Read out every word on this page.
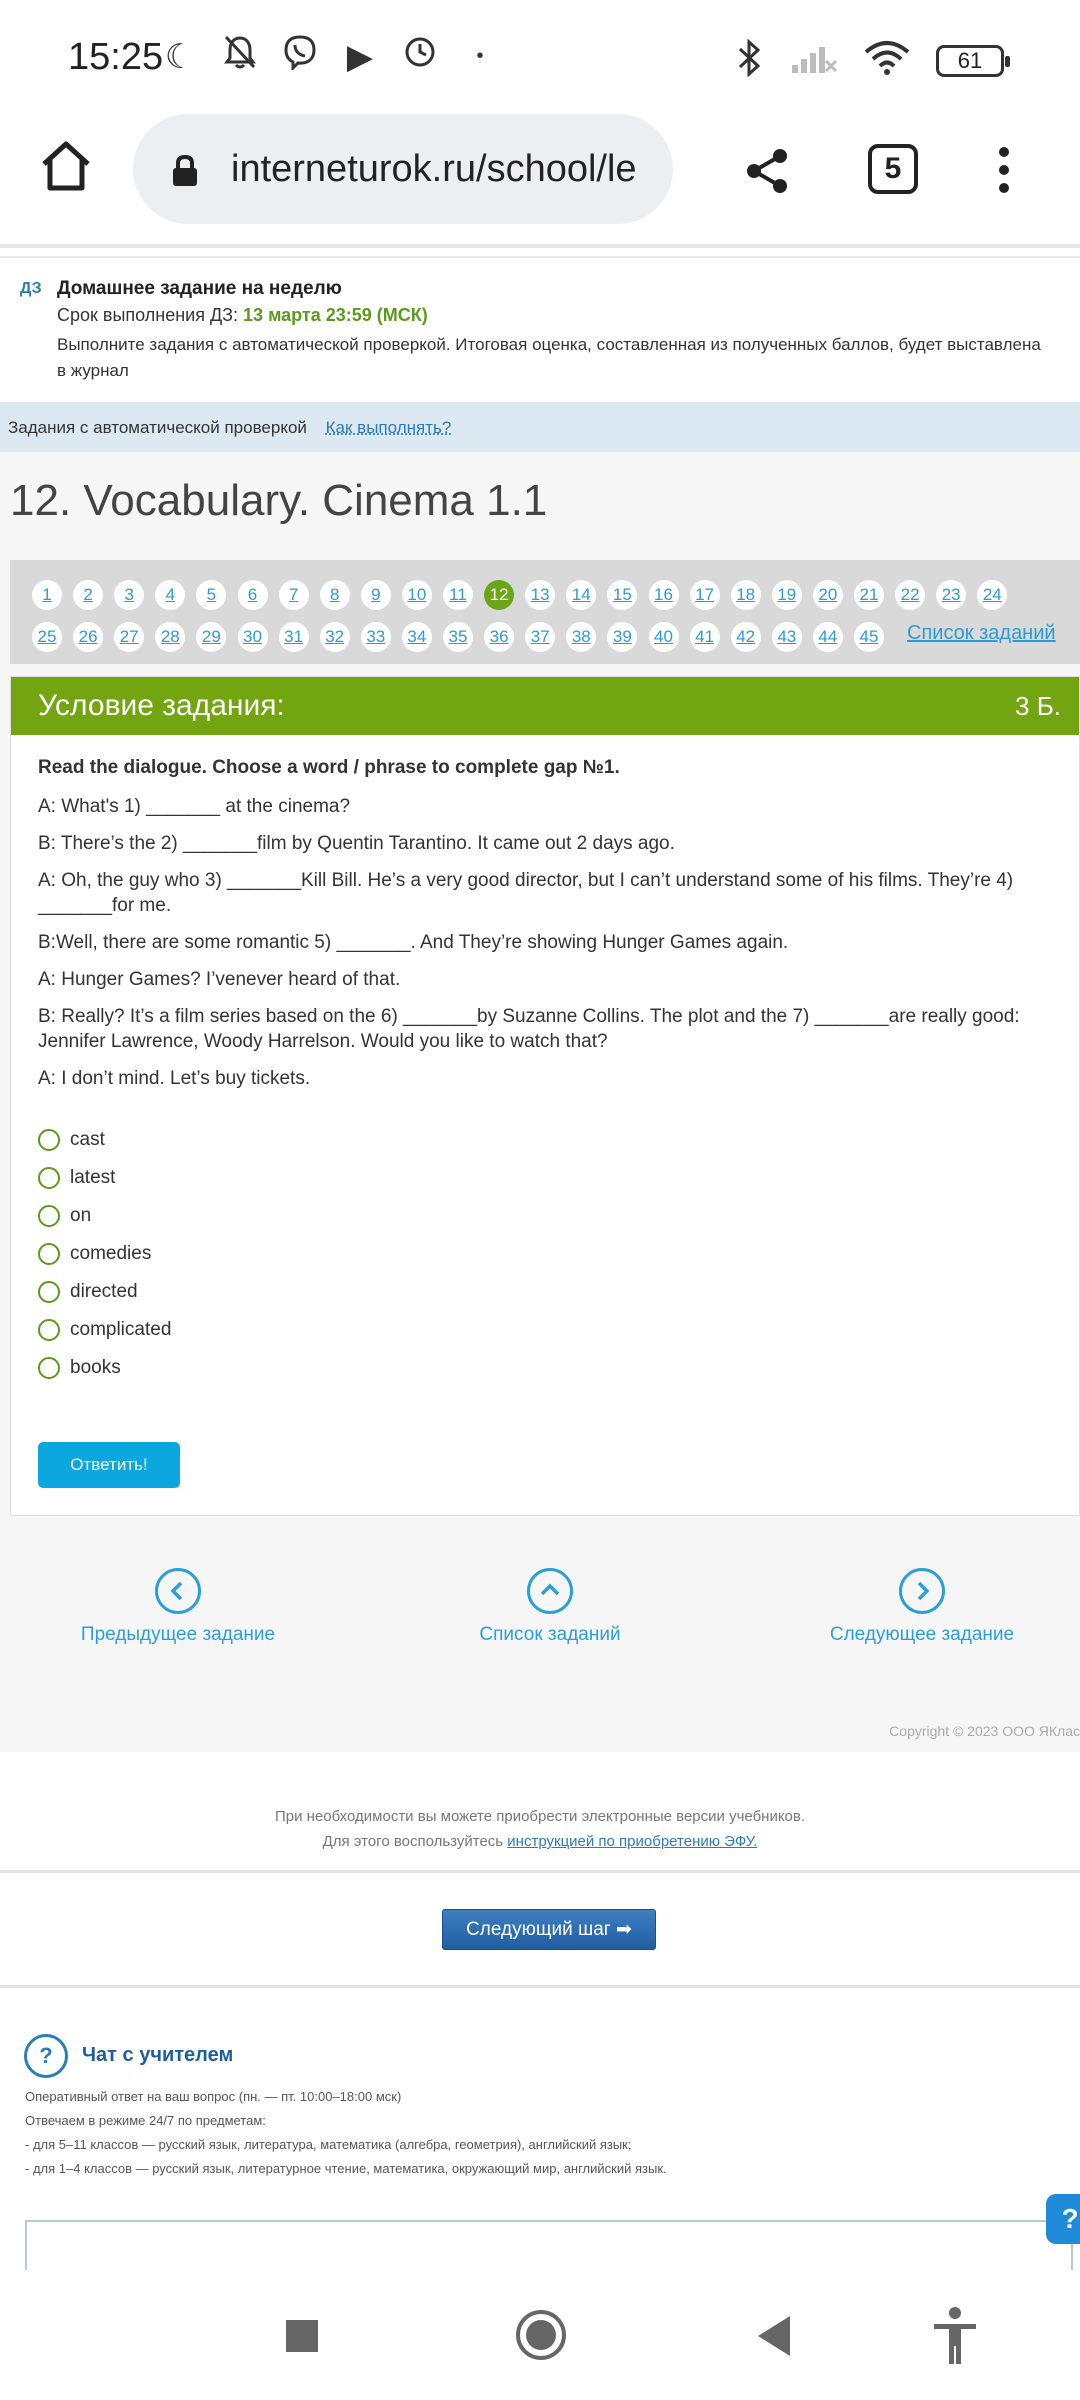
15:25 ☾	▶	•	61
interneturok.ru/school/le	5
ДЗ Домашнее задание на неделю
Срок выполнения ДЗ: 13 марта 23:59 (МСК)
Выполните задания с автоматической проверкой. Итоговая оценка, составленная из полученных баллов, будет выставлена в журнал
Задания с автоматической проверкой Как выполнять?
12. Vocabulary. Cinema 1.1
1	2	3	4	5	6	7	8	9	10	11	12	13	14	15	16	17	18	19	20	21	22	23	24
25	26	27	28	29	30	31	32	33	34	35	36	37	38	39	40	41	42	43	44	45 Список заданий
Условие задания:	3 Б.

Read the dialogue. Choose a word / phrase to complete gap №1.

A: What's 1) _______ at the cinema?

B: There’s the 2) _______film by Quentin Tarantino. It came out 2 days ago.

A: Oh, the guy who 3) _______Kill Bill. He’s a very good director, but I can’t understand some of his films. They’re 4) _______for me.

B:Well, there are some romantic 5) _______. And They’re showing Hunger Games again.

A: Hunger Games? I’venever heard of that.

B: Really? It’s a film series based on the 6) _______by Suzanne Collins. The plot and the 7) _______are really good: Jennifer Lawrence, Woody Harrelson. Would you like to watch that?

A: I don’t mind. Let’s buy tickets.

cast
latest
on
comedies
directed
complicated
books
Ответить!
Предыдущее задание	Список заданий	Следующее задание
Copyright © 2023 ООО ЯКлас
При необходимости вы можете приобрести электронные версии учебников.
Для этого воспользуйтесь инструкцией по приобретению ЭФУ.
Следующий шаг ➡
?	Чат с учителем
Оперативный ответ на ваш вопрос (пн. — пт. 10:00–18:00 мск)
Отвечаем в режиме 24/7 по предметам:
- для 5–11 классов — русский язык, литература, математика (алгебра, геометрия), английский язык;
- для 1–4 классов — русский язык, литературное чтение, математика, окружающий мир, английский язык.
?
